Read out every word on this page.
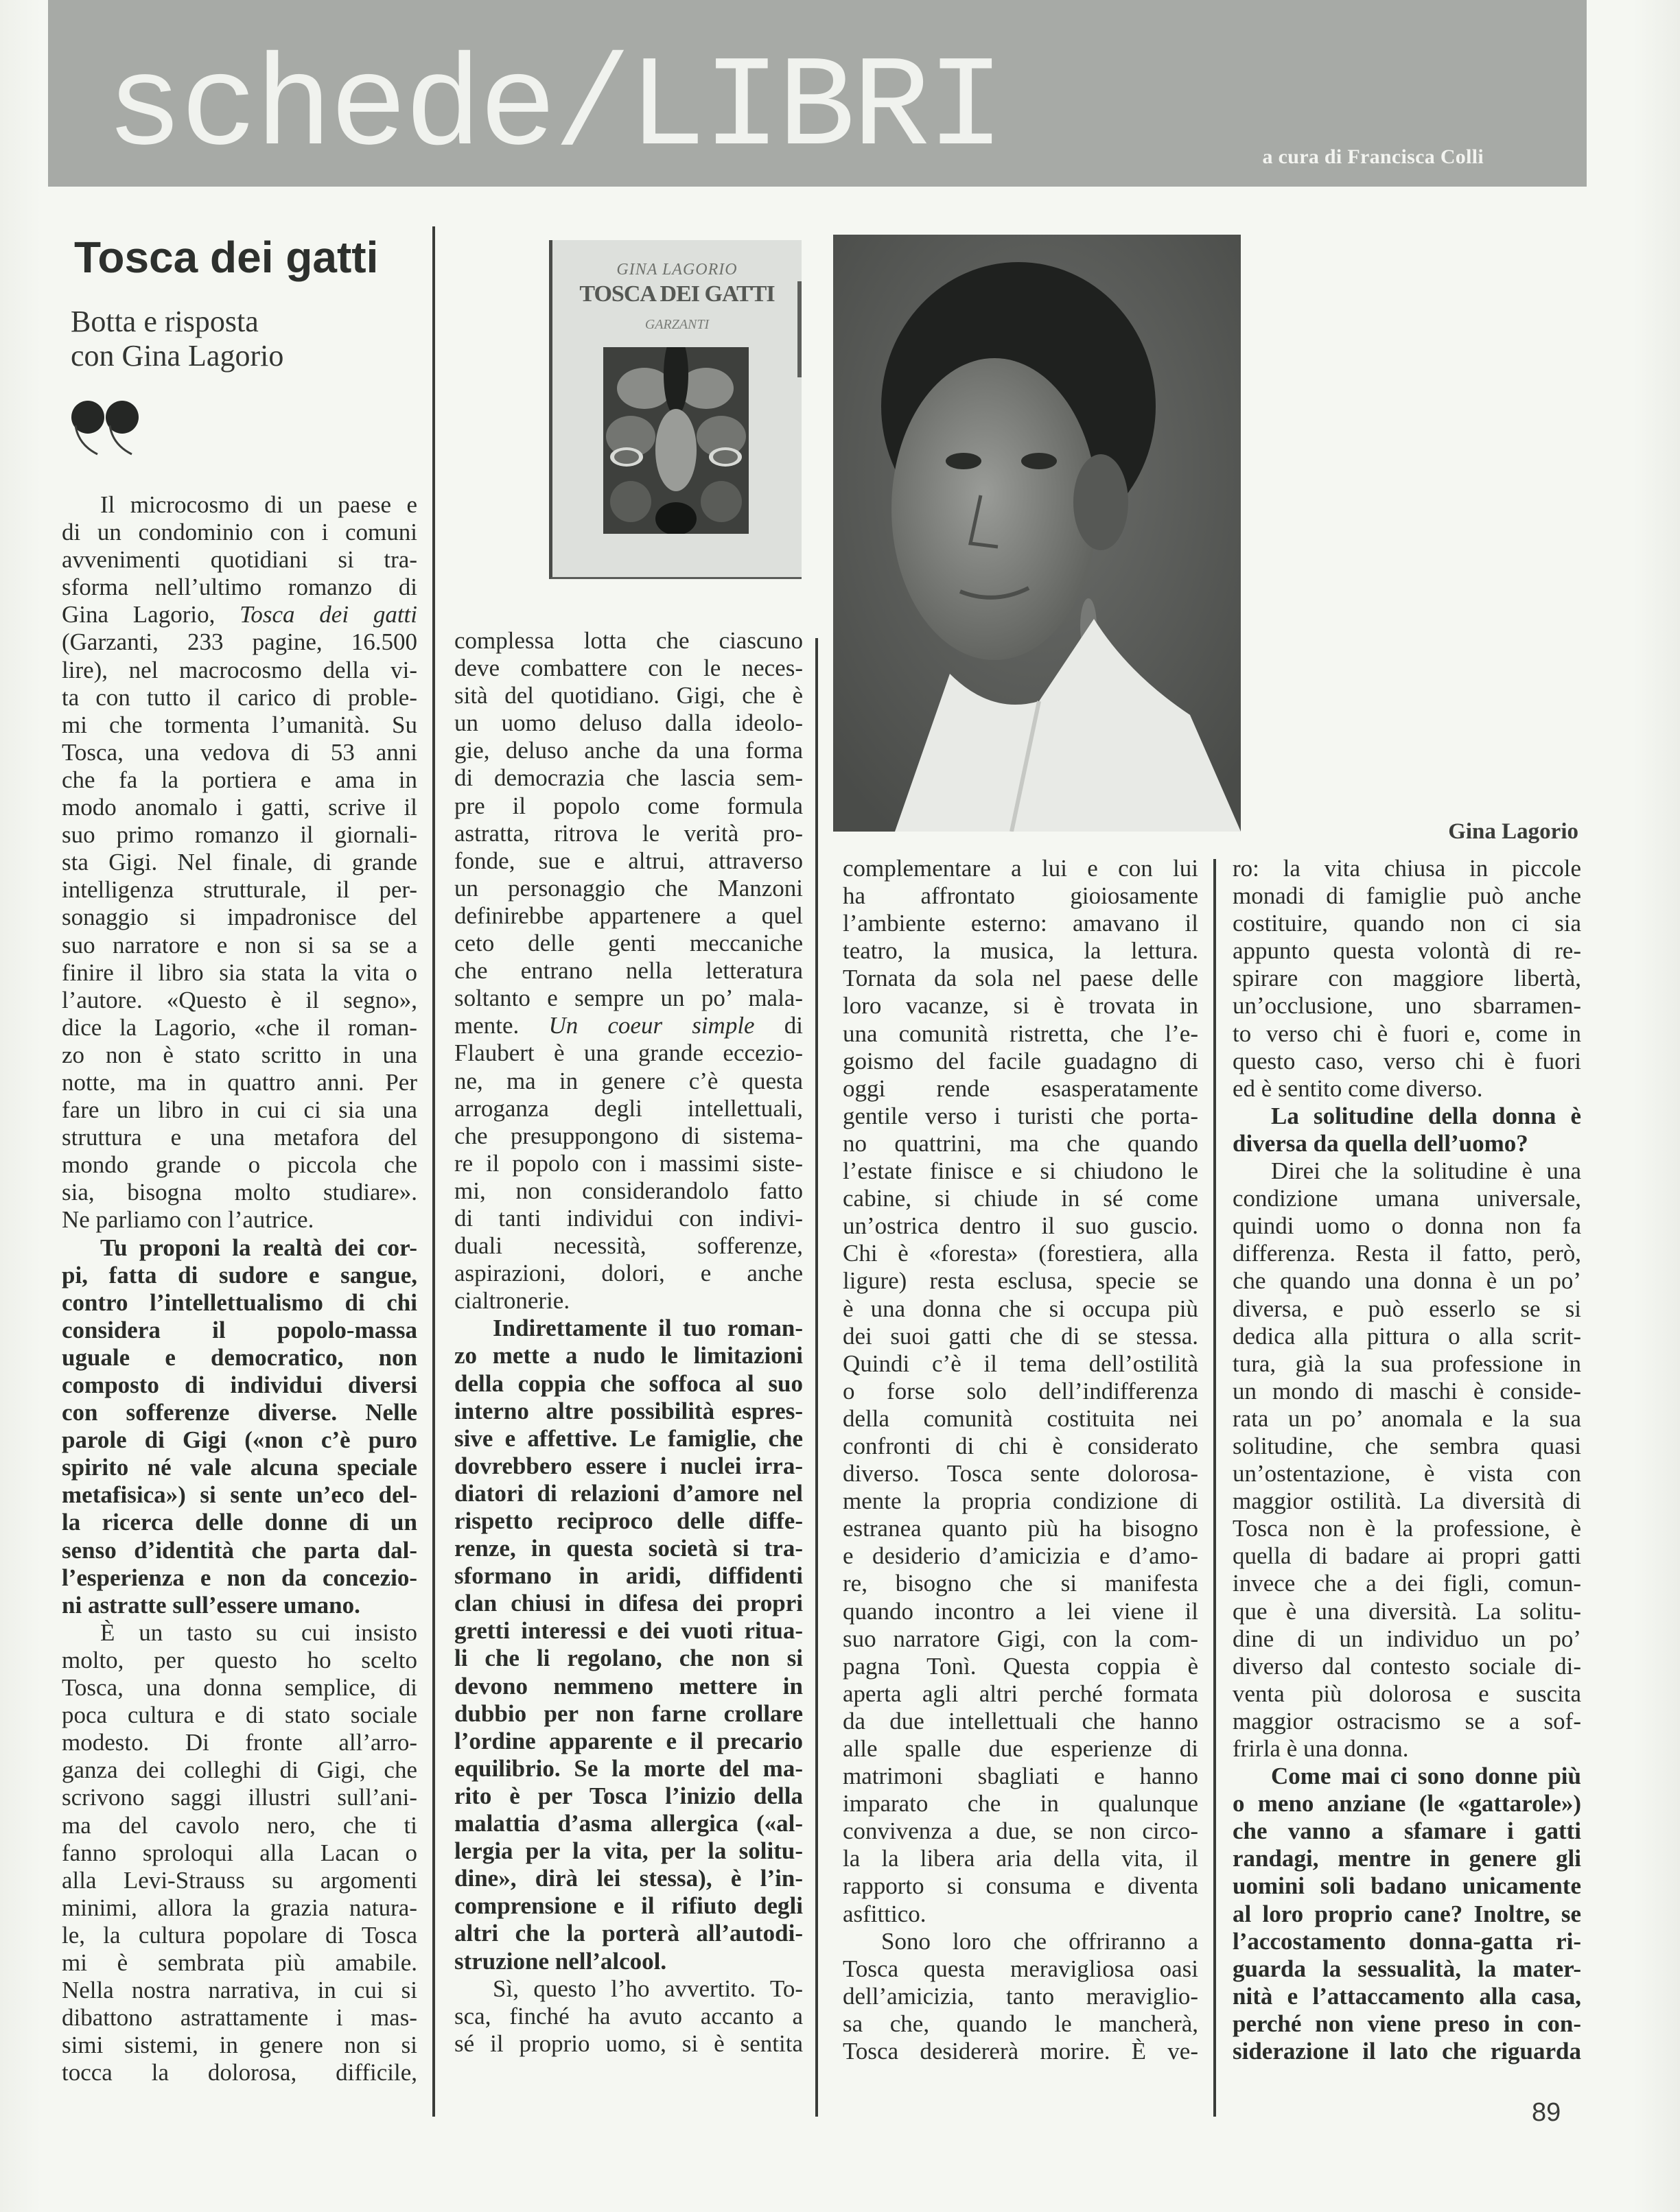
schede/LIBRI	a cura di Francisca Colli
Tosca dei gatti
Botta e risposta
con Gina Lagorio
GINA LAGORIO
TOSCA DEI GATTI
GARZANTI
Gina Lagorio
Il microcosmo di un paese e
di un condominio con i comuni
avvenimenti quotidiani si tra-
sforma nell’ultimo romanzo di
Gina Lagorio, Tosca dei gatti
(Garzanti, 233 pagine, 16.500
lire), nel macrocosmo della vi-
ta con tutto il carico di proble-
mi che tormenta l’umanità. Su
Tosca, una vedova di 53 anni
che fa la portiera e ama in
modo anomalo i gatti, scrive il
suo primo romanzo il giornali-
sta Gigi. Nel finale, di grande
intelligenza strutturale, il per-
sonaggio si impadronisce del
suo narratore e non si sa se a
finire il libro sia stata la vita o
l’autore. «Questo è il segno»,
dice la Lagorio, «che il roman-
zo non è stato scritto in una
notte, ma in quattro anni. Per
fare un libro in cui ci sia una
struttura e una metafora del
mondo grande o piccola che
sia, bisogna molto studiare».
Ne parliamo con l’autrice.
Tu proponi la realtà dei cor-
pi, fatta di sudore e sangue,
contro l’intellettualismo di chi
considera il popolo-massa
uguale e democratico, non
composto di individui diversi
con sofferenze diverse. Nelle
parole di Gigi («non c’è puro
spirito né vale alcuna speciale
metafisica») si sente un’eco del-
la ricerca delle donne di un
senso d’identità che parta dal-
l’esperienza e non da concezio-
ni astratte sull’essere umano.
È un tasto su cui insisto
molto, per questo ho scelto
Tosca, una donna semplice, di
poca cultura e di stato sociale
modesto. Di fronte all’arro-
ganza dei colleghi di Gigi, che
scrivono saggi illustri sull’ani-
ma del cavolo nero, che ti
fanno sproloqui alla Lacan o
alla Levi-Strauss su argomenti
minimi, allora la grazia natura-
le, la cultura popolare di Tosca
mi è sembrata più amabile.
Nella nostra narrativa, in cui si
dibattono astrattamente i mas-
simi sistemi, in genere non si
tocca la dolorosa, difficile,
complessa lotta che ciascuno
deve combattere con le neces-
sità del quotidiano. Gigi, che è
un uomo deluso dalla ideolo-
gie, deluso anche da una forma
di democrazia che lascia sem-
pre il popolo come formula
astratta, ritrova le verità pro-
fonde, sue e altrui, attraverso
un personaggio che Manzoni
definirebbe appartenere a quel
ceto delle genti meccaniche
che entrano nella letteratura
soltanto e sempre un po’ mala-
mente. Un coeur simple di
Flaubert è una grande eccezio-
ne, ma in genere c’è questa
arroganza degli intellettuali,
che presuppongono di sistema-
re il popolo con i massimi siste-
mi, non considerandolo fatto
di tanti individui con indivi-
duali necessità, sofferenze,
aspirazioni, dolori, e anche
cialtronerie.
Indirettamente il tuo roman-
zo mette a nudo le limitazioni
della coppia che soffoca al suo
interno altre possibilità espres-
sive e affettive. Le famiglie, che
dovrebbero essere i nuclei irra-
diatori di relazioni d’amore nel
rispetto reciproco delle diffe-
renze, in questa società si tra-
sformano in aridi, diffidenti
clan chiusi in difesa dei propri
gretti interessi e dei vuoti ritua-
li che li regolano, che non si
devono nemmeno mettere in
dubbio per non farne crollare
l’ordine apparente e il precario
equilibrio. Se la morte del ma-
rito è per Tosca l’inizio della
malattia d’asma allergica («al-
lergia per la vita, per la solitu-
dine», dirà lei stessa), è l’in-
comprensione e il rifiuto degli
altri che la porterà all’autodi-
struzione nell’alcool.
Sì, questo l’ho avvertito. To-
sca, finché ha avuto accanto a
sé il proprio uomo, si è sentita
complementare a lui e con lui
ha affrontato gioiosamente
l’ambiente esterno: amavano il
teatro, la musica, la lettura.
Tornata da sola nel paese delle
loro vacanze, si è trovata in
una comunità ristretta, che l’e-
goismo del facile guadagno di
oggi rende esasperatamente
gentile verso i turisti che porta-
no quattrini, ma che quando
l’estate finisce e si chiudono le
cabine, si chiude in sé come
un’ostrica dentro il suo guscio.
Chi è «foresta» (forestiera, alla
ligure) resta esclusa, specie se
è una donna che si occupa più
dei suoi gatti che di se stessa.
Quindi c’è il tema dell’ostilità
o forse solo dell’indifferenza
della comunità costituita nei
confronti di chi è considerato
diverso. Tosca sente dolorosa-
mente la propria condizione di
estranea quanto più ha bisogno
e desiderio d’amicizia e d’amo-
re, bisogno che si manifesta
quando incontro a lei viene il
suo narratore Gigi, con la com-
pagna Tonì. Questa coppia è
aperta agli altri perché formata
da due intellettuali che hanno
alle spalle due esperienze di
matrimoni sbagliati e hanno
imparato che in qualunque
convivenza a due, se non circo-
la la libera aria della vita, il
rapporto si consuma e diventa
asfittico.
Sono loro che offriranno a
Tosca questa meravigliosa oasi
dell’amicizia, tanto meraviglio-
sa che, quando le mancherà,
Tosca desidererà morire. È ve-
ro: la vita chiusa in piccole
monadi di famiglie può anche
costituire, quando non ci sia
appunto questa volontà di re-
spirare con maggiore libertà,
un’occlusione, uno sbarramen-
to verso chi è fuori e, come in
questo caso, verso chi è fuori
ed è sentito come diverso.
La solitudine della donna è
diversa da quella dell’uomo?
Direi che la solitudine è una
condizione umana universale,
quindi uomo o donna non fa
differenza. Resta il fatto, però,
che quando una donna è un po’
diversa, e può esserlo se si
dedica alla pittura o alla scrit-
tura, già la sua professione in
un mondo di maschi è conside-
rata un po’ anomala e la sua
solitudine, che sembra quasi
un’ostentazione, è vista con
maggior ostilità. La diversità di
Tosca non è la professione, è
quella di badare ai propri gatti
invece che a dei figli, comun-
que è una diversità. La solitu-
dine di un individuo un po’
diverso dal contesto sociale di-
venta più dolorosa e suscita
maggior ostracismo se a sof-
frirla è una donna.
Come mai ci sono donne più
o meno anziane (le «gattarole»)
che vanno a sfamare i gatti
randagi, mentre in genere gli
uomini soli badano unicamente
al loro proprio cane? Inoltre, se
l’accostamento donna-gatta ri-
guarda la sessualità, la mater-
nità e l’attaccamento alla casa,
perché non viene preso in con-
siderazione il lato che riguarda
89
